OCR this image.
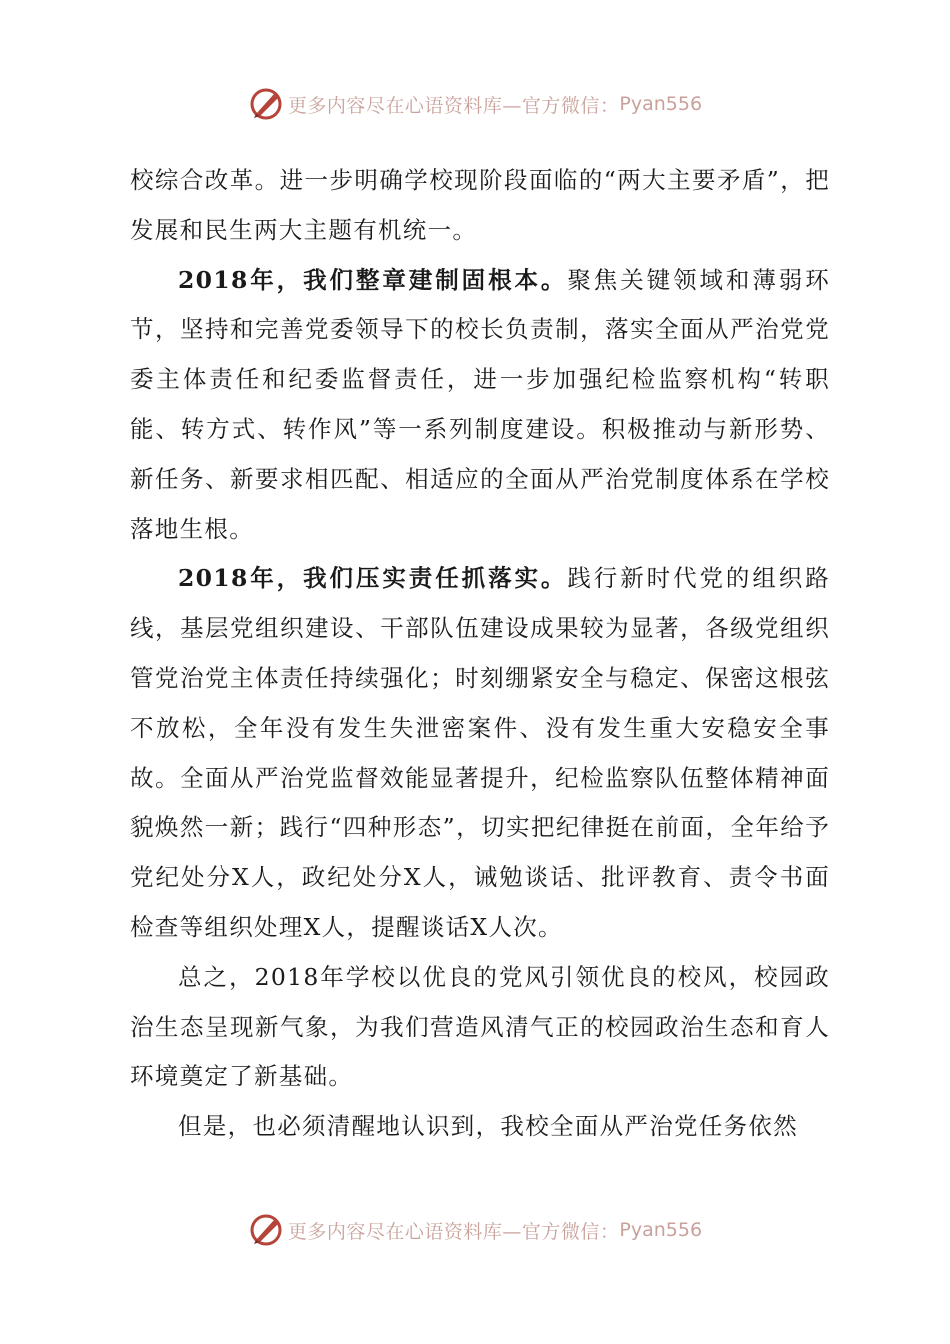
更多内容尽在心语资料库—官方微信： Pyan556

校综合改革。进一步明确学校现阶段面临的“两大主要矛盾”，把发展和民生两大主题有机统一。

2018年，我们整章建制固根本。聚焦关键领域和薄弱环节，坚持和完善党委领导下的校长负责制，落实全面从严治党党委主体责任和纪委监督责任，进一步加强纪检监察机构“转职能、转方式、转作风”等一系列制度建设。积极推动与新形势、新任务、新要求相匹配、相适应的全面从严治党制度体系在学校落地生根。

2018年，我们压实责任抓落实。践行新时代党的组织路线，基层党组织建设、干部队伍建设成果较为显著，各级党组织管党治党主体责任持续强化；时刻绷紧安全与稳定、保密这根弦不放松，全年没有发生失泄密案件、没有发生重大安稳安全事故。全面从严治党监督效能显著提升，纪检监察队伍整体精神面貌焕然一新；践行“四种形态”，切实把纪律挺在前面，全年给予党纪处分X人，政纪处分X人，诫勉谈话、批评教育、责令书面检查等组织处理X人，提醒谈话X人次。

总之，2018年学校以优良的党风引领优良的校风，校园政治生态呈现新气象，为我们营造风清气正的校园政治生态和育人环境奠定了新基础。

但是，也必须清醒地认识到，我校全面从严治党任务依然

更多内容尽在心语资料库—官方微信： Pyan556
